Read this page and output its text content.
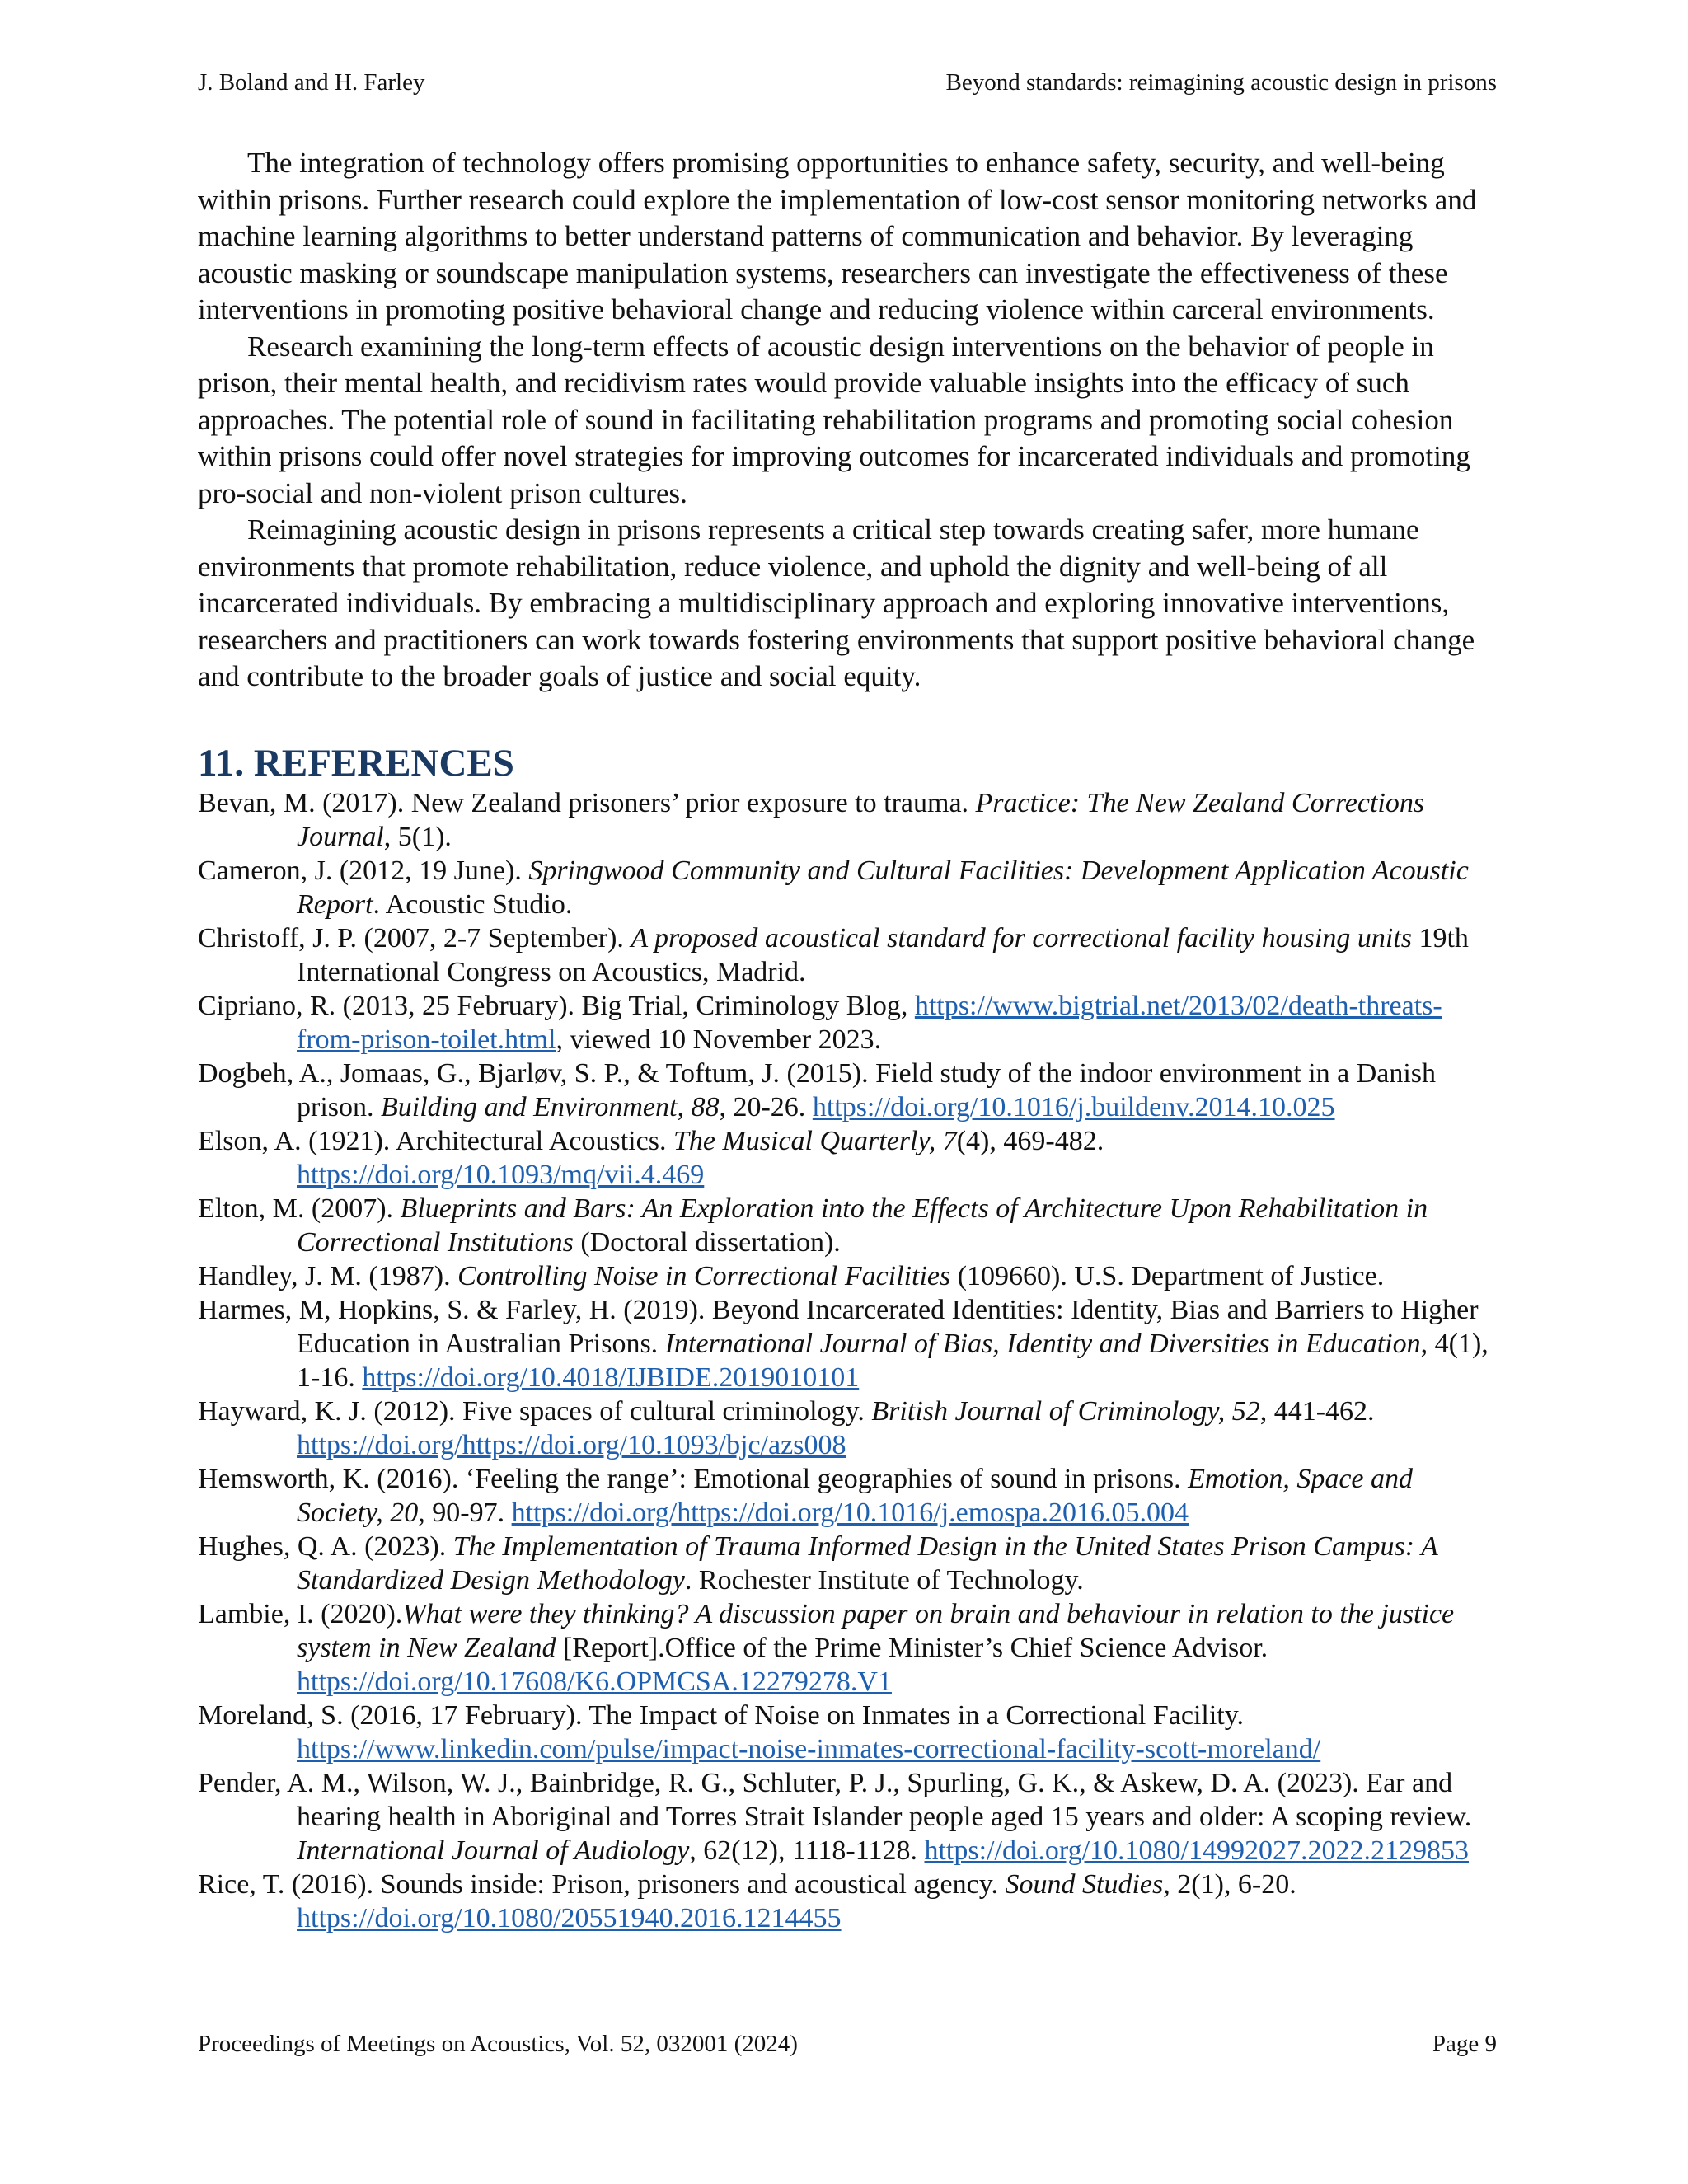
J. Boland and H. Farley	Beyond standards: reimagining acoustic design in prisons

The integration of technology offers promising opportunities to enhance safety, security, and well-being within prisons. Further research could explore the implementation of low-cost sensor monitoring networks and machine learning algorithms to better understand patterns of communication and behavior. By leveraging acoustic masking or soundscape manipulation systems, researchers can investigate the effectiveness of these interventions in promoting positive behavioral change and reducing violence within carceral environments.

Research examining the long-term effects of acoustic design interventions on the behavior of people in prison, their mental health, and recidivism rates would provide valuable insights into the efficacy of such approaches. The potential role of sound in facilitating rehabilitation programs and promoting social cohesion within prisons could offer novel strategies for improving outcomes for incarcerated individuals and promoting pro-social and non-violent prison cultures.

Reimagining acoustic design in prisons represents a critical step towards creating safer, more humane environments that promote rehabilitation, reduce violence, and uphold the dignity and well-being of all incarcerated individuals. By embracing a multidisciplinary approach and exploring innovative interventions, researchers and practitioners can work towards fostering environments that support positive behavioral change and contribute to the broader goals of justice and social equity.

11. REFERENCES

Bevan, M. (2017). New Zealand prisoners’ prior exposure to trauma. Practice: The New Zealand Corrections Journal, 5(1).

Cameron, J. (2012, 19 June). Springwood Community and Cultural Facilities: Development Application Acoustic Report. Acoustic Studio.

Christoff, J. P. (2007, 2-7 September). A proposed acoustical standard for correctional facility housing units 19th International Congress on Acoustics, Madrid.

Cipriano, R. (2013, 25 February). Big Trial, Criminology Blog, https://www.bigtrial.net/2013/02/death-threats-from-prison-toilet.html, viewed 10 November 2023.

Dogbeh, A., Jomaas, G., Bjarløv, S. P., & Toftum, J. (2015). Field study of the indoor environment in a Danish prison. Building and Environment, 88, 20-26. https://doi.org/10.1016/j.buildenv.2014.10.025

Elson, A. (1921). Architectural Acoustics. The Musical Quarterly, 7(4), 469-482. https://doi.org/10.1093/mq/vii.4.469

Elton, M. (2007). Blueprints and Bars: An Exploration into the Effects of Architecture Upon Rehabilitation in Correctional Institutions (Doctoral dissertation).

Handley, J. M. (1987). Controlling Noise in Correctional Facilities (109660). U.S. Department of Justice.

Harmes, M, Hopkins, S. & Farley, H. (2019). Beyond Incarcerated Identities: Identity, Bias and Barriers to Higher Education in Australian Prisons. International Journal of Bias, Identity and Diversities in Education, 4(1), 1-16. https://doi.org/10.4018/IJBIDE.2019010101

Hayward, K. J. (2012). Five spaces of cultural criminology. British Journal of Criminology, 52, 441-462. https://doi.org/https://doi.org/10.1093/bjc/azs008

Hemsworth, K. (2016). ‘Feeling the range’: Emotional geographies of sound in prisons. Emotion, Space and Society, 20, 90-97. https://doi.org/https://doi.org/10.1016/j.emospa.2016.05.004

Hughes, Q. A. (2023). The Implementation of Trauma Informed Design in the United States Prison Campus: A Standardized Design Methodology. Rochester Institute of Technology.

Lambie, I. (2020).What were they thinking? A discussion paper on brain and behaviour in relation to the justice system in New Zealand [Report].Office of the Prime Minister’s Chief Science Advisor. https://doi.org/10.17608/K6.OPMCSA.12279278.V1

Moreland, S. (2016, 17 February). The Impact of Noise on Inmates in a Correctional Facility. https://www.linkedin.com/pulse/impact-noise-inmates-correctional-facility-scott-moreland/

Pender, A. M., Wilson, W. J., Bainbridge, R. G., Schluter, P. J., Spurling, G. K., & Askew, D. A. (2023). Ear and hearing health in Aboriginal and Torres Strait Islander people aged 15 years and older: A scoping review. International Journal of Audiology, 62(12), 1118-1128. https://doi.org/10.1080/14992027.2022.2129853

Rice, T. (2016). Sounds inside: Prison, prisoners and acoustical agency. Sound Studies, 2(1), 6-20. https://doi.org/10.1080/20551940.2016.1214455

Proceedings of Meetings on Acoustics, Vol. 52, 032001 (2024)	Page 9
